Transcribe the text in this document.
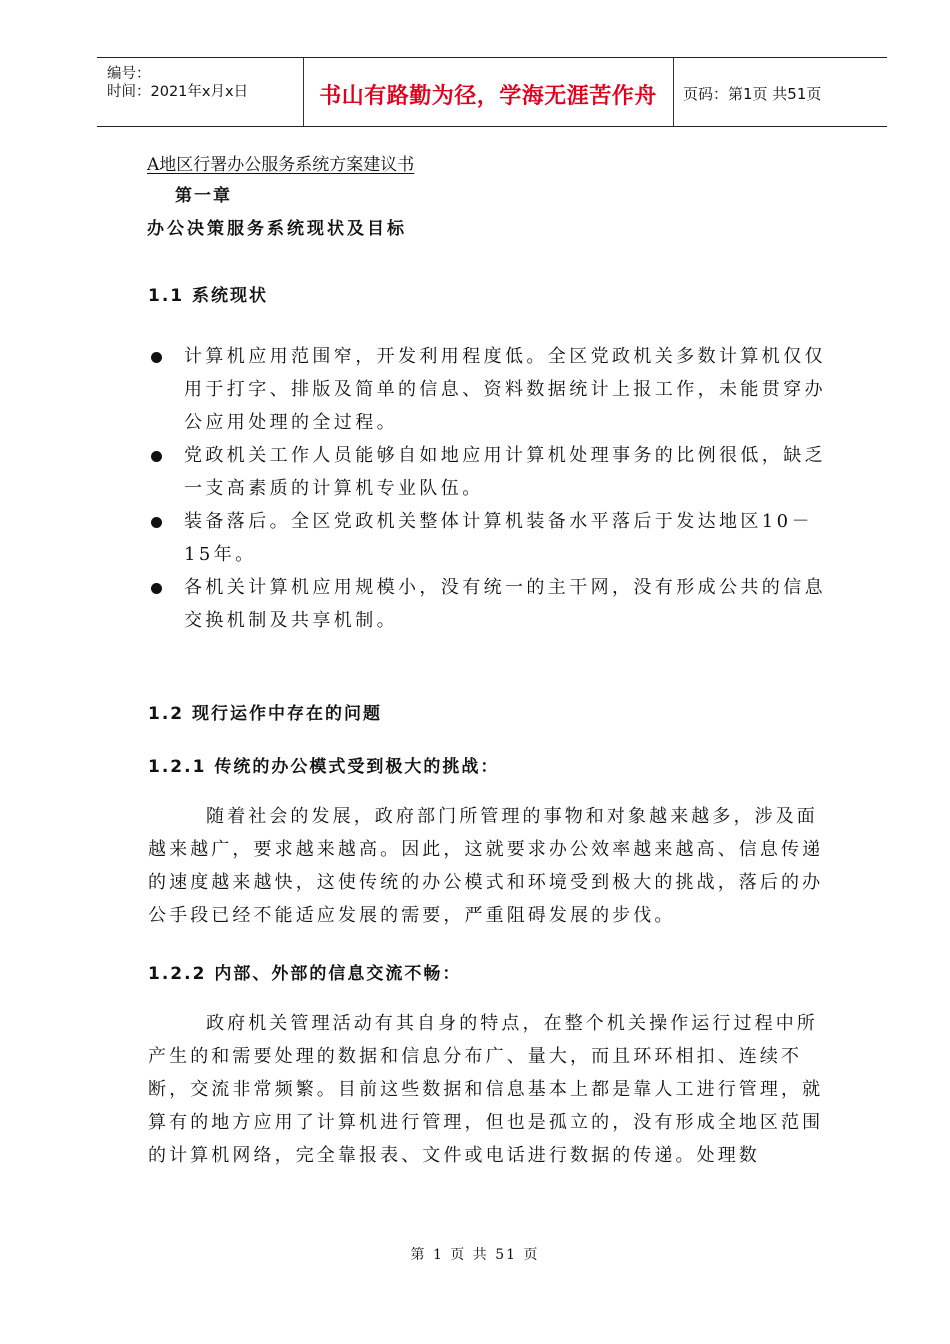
编号：
时间：2021年x月x日	书山有路勤为径，学海无涯苦作舟	页码：第1页 共51页
A地区行署办公服务系统方案建议书
第一章
办公决策服务系统现状及目标
1.1 系统现状
计算机应用范围窄，开发利用程度低。全区党政机关多数计算机仅仅用于打字、排版及简单的信息、资料数据统计上报工作，未能贯穿办公应用处理的全过程。
党政机关工作人员能够自如地应用计算机处理事务的比例很低，缺乏一支高素质的计算机专业队伍。
装备落后。全区党政机关整体计算机装备水平落后于发达地区10－15年。
各机关计算机应用规模小，没有统一的主干网，没有形成公共的信息交换机制及共享机制。
1.2 现行运作中存在的问题
1.2.1 传统的办公模式受到极大的挑战：

随着社会的发展，政府部门所管理的事物和对象越来越多，涉及面越来越广，要求越来越高。因此，这就要求办公效率越来越高、信息传递的速度越来越快，这使传统的办公模式和环境受到极大的挑战，落后的办公手段已经不能适应发展的需要，严重阻碍发展的步伐。

1.2.2 内部、外部的信息交流不畅：

政府机关管理活动有其自身的特点，在整个机关操作运行过程中所产生的和需要处理的数据和信息分布广、量大，而且环环相扣、连续不断，交流非常频繁。目前这些数据和信息基本上都是靠人工进行管理，就算有的地方应用了计算机进行管理，但也是孤立的，没有形成全地区范围的计算机网络，完全靠报表、文件或电话进行数据的传递。处理数

第 1 页 共 51 页
